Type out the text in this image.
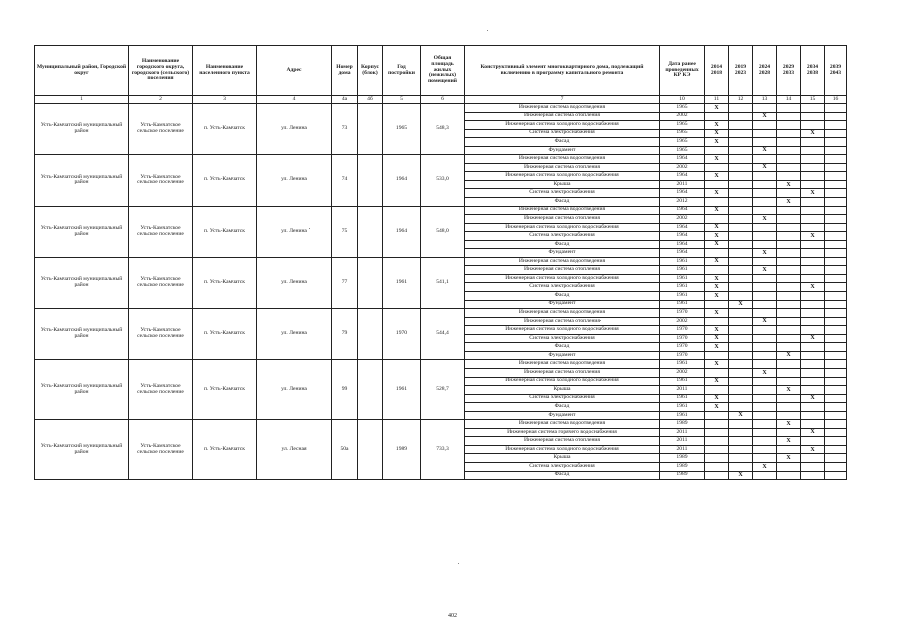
Муниципальный район, Городской округ	Наименование городского округа, городского (сельского) поселения	Наименование населенного пункта	Адрес	Номер дома	Корпус (блок)	Год постройки	Общая площадь жилых (нежилых) помещений	Конструктивный элемент многоквартирного дома, подлежащий включению в программу капитального ремонта	Дата ранее проведенных КР КЭ	2014 2018	2019 2023	2024 2028	2029 2033	2034 2038	2039 2043
1	2	3	4	4а	4б	5	6	7	10	11	12	13	14	15	16
Усть-Камчатский муниципальный район	Усть-Камчатское сельское поселение	п. Усть-Камчатск	ул. Ленина	73		1965	548,3	Инженерная система водоотведения	1965	X					
								Инженерная система отопления	2002			X			
								Инженерная система холодного водоснабжения	1965	X					
								Система электроснабжения	1965	X				X	
								Фасад	1965	X					
								Фундамент	1965			X			
Усть-Камчатский муниципальный район	Усть-Камчатское сельское поселение	п. Усть-Камчатск	ул. Ленина	74		1964	533,0	Инженерная система водоотведения	1964	X					
								Инженерная система отопления	2002			X			
								Инженерная система холодного водоснабжения	1964	X					
								Крыша	2011				X		
								Система электроснабжения	1964	X				X	
								Фасад	2012				X		
Усть-Камчатский муниципальный район	Усть-Камчатское сельское поселение	п. Усть-Камчатск	ул. Ленина	75		1964	548,0	Инженерная система водоотведения	1964	X					
								Инженерная система отопления	2002			X			
								Инженерная система холодного водоснабжения	1964	X					
								Система электроснабжения	1964	X				X	
								Фасад	1964	X					
								Фундамент	1964			X			
Усть-Камчатский муниципальный район	Усть-Камчатское сельское поселение	п. Усть-Камчатск	ул. Ленина	77		1961	541,1	Инженерная система водоотведения	1961	X					
								Инженерная система отопления	1961			X			
								Инженерная система холодного водоснабжения	1961	X					
								Система электроснабжения	1961	X				X	
								Фасад	1961	X					
								Фундамент	1961		X				
Усть-Камчатский муниципальный район	Усть-Камчатское сельское поселение	п. Усть-Камчатск	ул. Ленина	79		1970	544,4	Инженерная система водоотведения	1970	X					
								Инженерная система отопления	2002			X			
								Инженерная система холодного водоснабжения	1970	X					
								Система электроснабжения	1970	X				X	
								Фасад	1970	X					
								Фундамент	1970				X		
Усть-Камчатский муниципальный район	Усть-Камчатское сельское поселение	п. Усть-Камчатск	ул. Ленина	99		1961	528,7	Инженерная система водоотведения	1961	X					
								Инженерная система отопления	2002			X			
								Инженерная система холодного водоснабжения	1961	X					
								Крыша	2011				X		
								Система электроснабжения	1961	X				X	
								Фасад	1961	X					
								Фундамент	1961		X				
Усть-Камчатский муниципальный район	Усть-Камчатское сельское поселение	п. Усть-Камчатск	ул. Лесная	50а		1989	733,3	Инженерная система водоотведения	1989				X		
								Инженерная система горячего водоснабжения	2011					X	
								Инженерная система отопления	2011				X		
								Инженерная система холодного водоснабжения	2011					X	
								Крыша	1989				X		
								Система электроснабжения	1989			X			
								Фасад	1989		X				
402
